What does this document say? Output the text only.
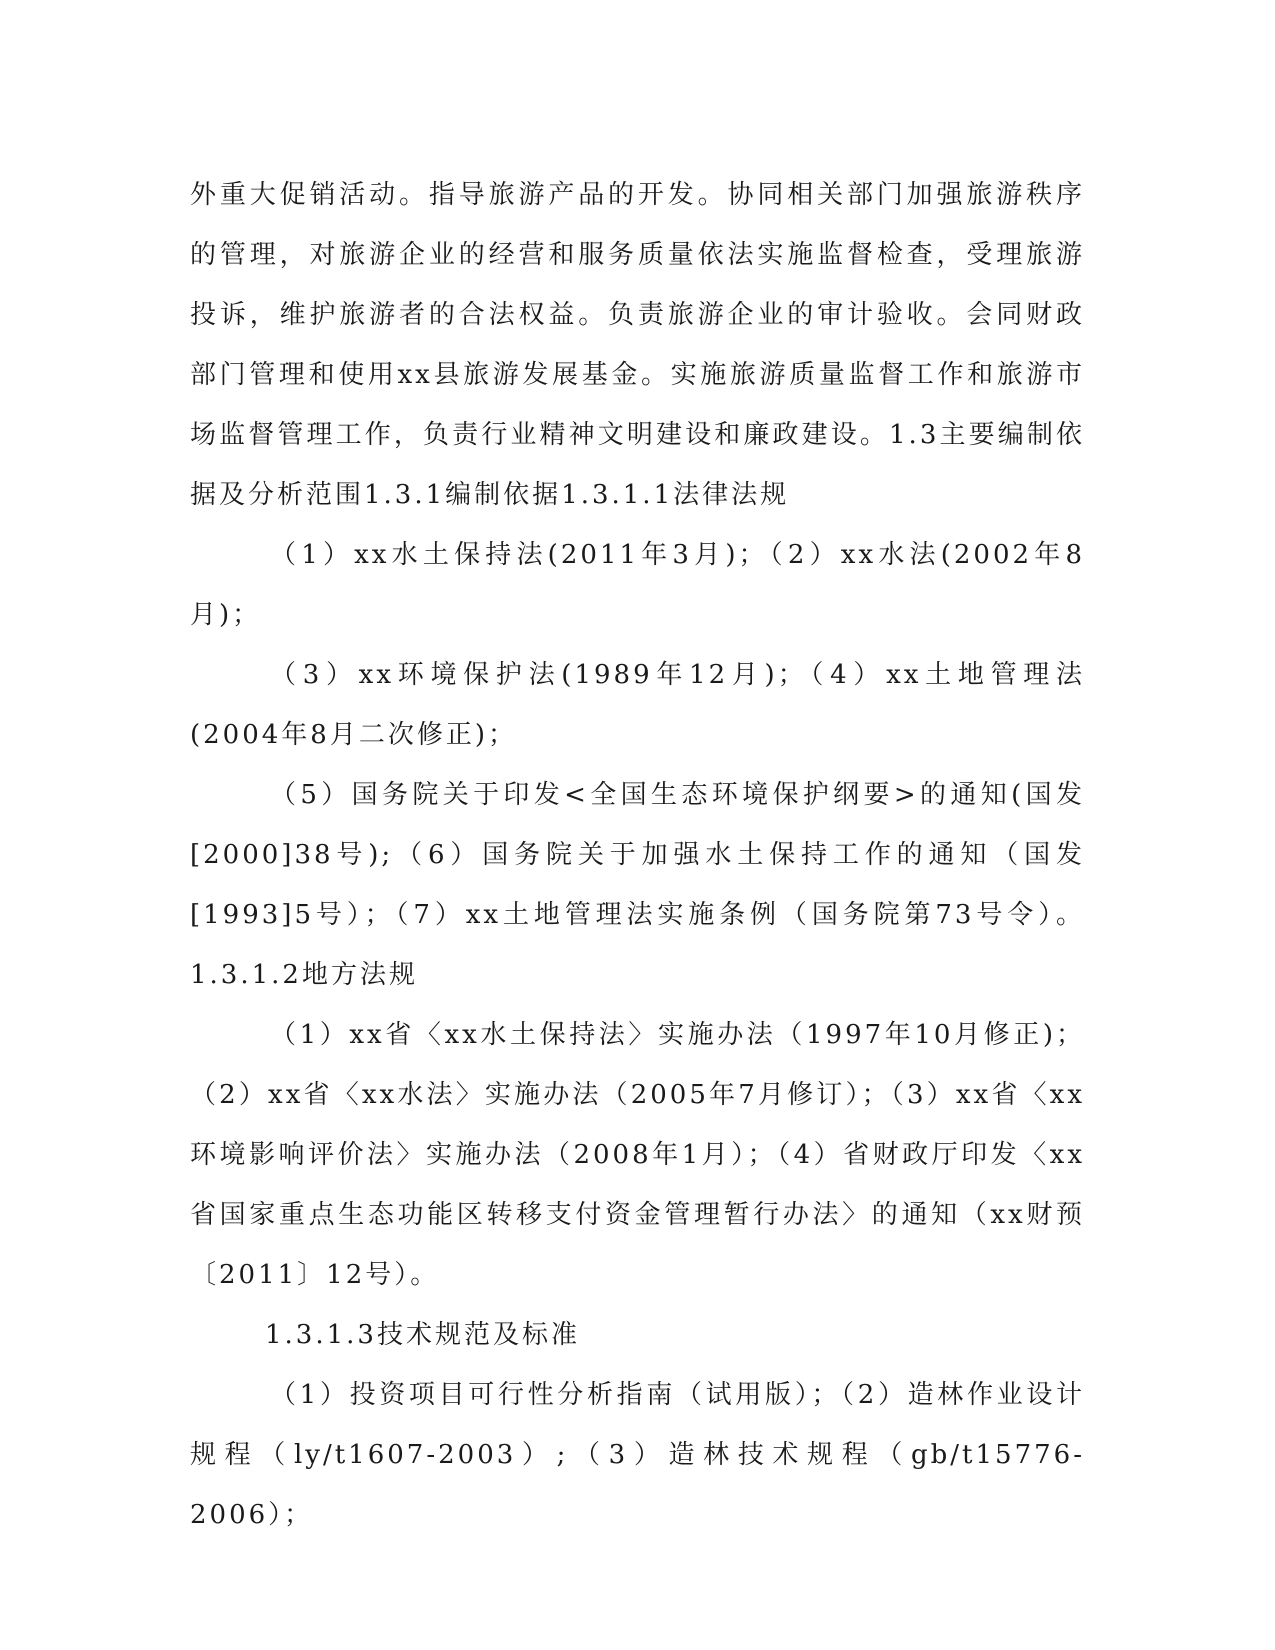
外重大促销活动。指导旅游产品的开发。协同相关部门加强旅游秩序的管理，对旅游企业的经营和服务质量依法实施监督检查，受理旅游投诉，维护旅游者的合法权益。负责旅游企业的审计验收。会同财政部门管理和使用xx县旅游发展基金。实施旅游质量监督工作和旅游市场监督管理工作，负责行业精神文明建设和廉政建设。1.3主要编制依据及分析范围1.3.1编制依据1.3.1.1法律法规

（1）xx水土保持法(2011年3月)；（2）xx水法(2002年8月)；

（3）xx环境保护法(1989年12月)；（4）xx土地管理法(2004年8月二次修正)；

（5）国务院关于印发<全国生态环境保护纲要>的通知(国发[2000]38号);（6）国务院关于加强水土保持工作的通知（国发[1993]5号）；（7）xx土地管理法实施条例（国务院第73号令）。1.3.1.2地方法规

（1）xx省〈xx水土保持法〉实施办法（1997年10月修正)；（2）xx省〈xx水法〉实施办法（2005年7月修订）；（3）xx省〈xx环境影响评价法〉实施办法（2008年1月）；（4）省财政厅印发〈xx省国家重点生态功能区转移支付资金管理暂行办法〉的通知（xx财预〔2011〕12号）。

1.3.1.3技术规范及标准

（1）投资项目可行性分析指南（试用版）；（2）造林作业设计规程（ly/t1607-2003）;（3）造林技术规程（gb/t15776-2006）；
